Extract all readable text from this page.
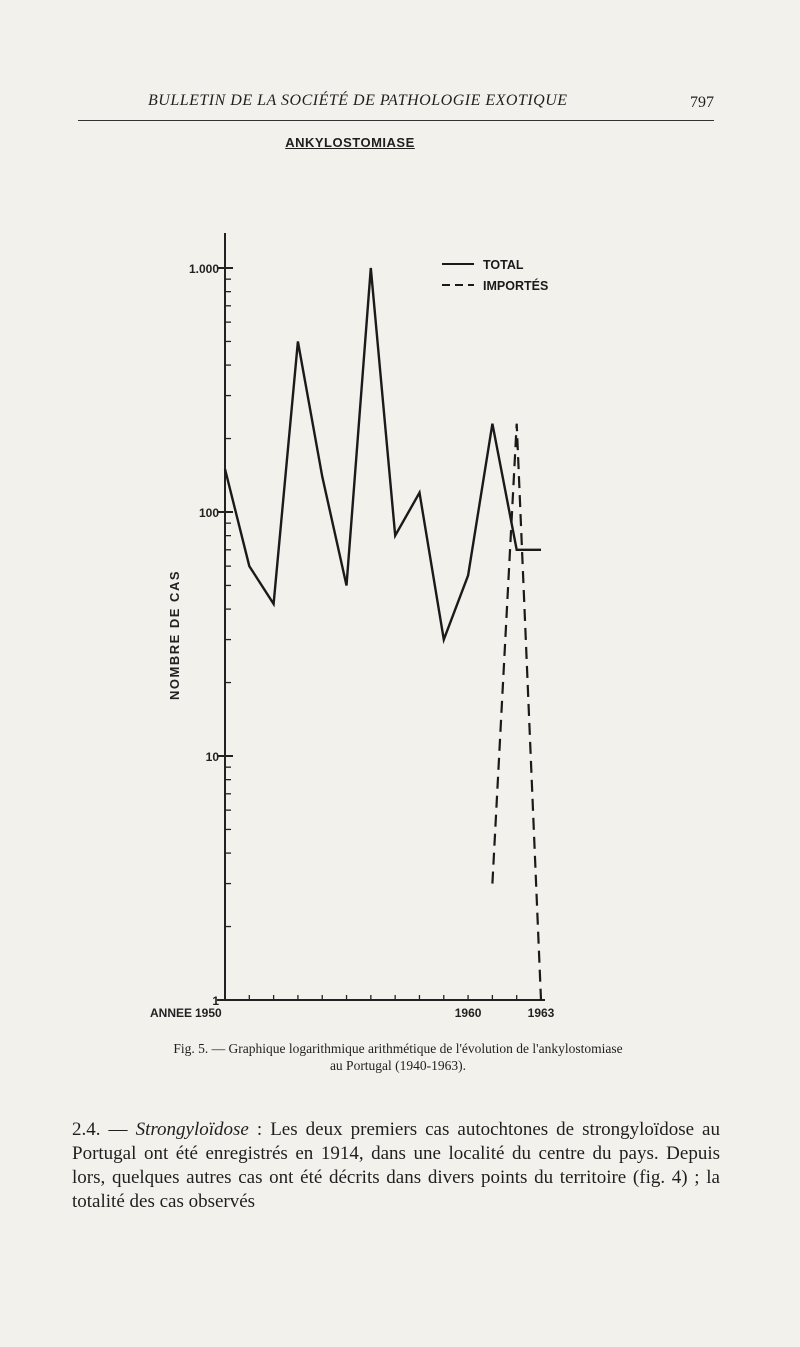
BULLETIN DE LA SOCIÉTÉ DE PATHOLOGIE EXOTIQUE	797
ANKYLOSTOMIASE
TOTAL
IMPORTÉS
1
10
100
1.000
ANNEE 1950	1960	1963
NOMBRE DE CAS
Fig. 5. — Graphique logarithmique arithmétique de l'évolution de l'ankylostomiase
au Portugal (1940-1963).

2.4. — Strongyloïdose : Les deux premiers cas autochtones de strongyloïdose au Portugal ont été enregistrés en 1914, dans une localité du centre du pays. Depuis lors, quelques autres cas ont été décrits dans divers points du territoire (fig. 4) ; la totalité des cas observés
